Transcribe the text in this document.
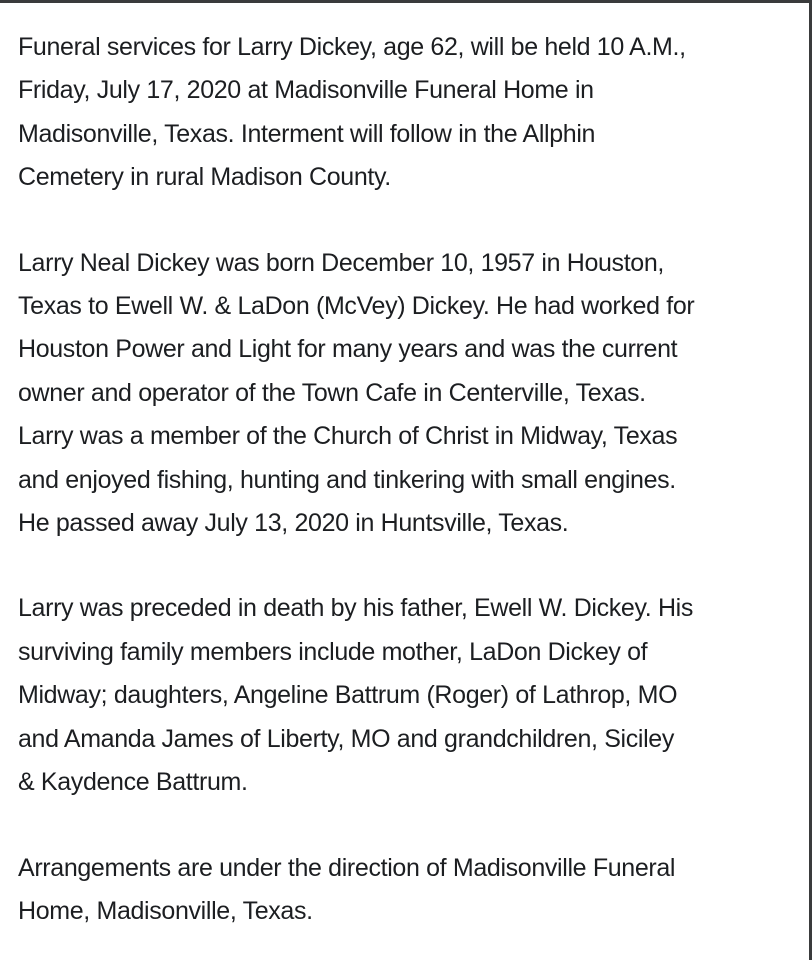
Funeral services for Larry Dickey, age 62, will be held 10 A.M.,
Friday, July 17, 2020 at Madisonville Funeral Home in
Madisonville, Texas. Interment will follow in the Allphin
Cemetery in rural Madison County.

Larry Neal Dickey was born December 10, 1957 in Houston,
Texas to Ewell W. & LaDon (McVey) Dickey. He had worked for
Houston Power and Light for many years and was the current
owner and operator of the Town Cafe in Centerville, Texas.
Larry was a member of the Church of Christ in Midway, Texas
and enjoyed fishing, hunting and tinkering with small engines.
He passed away July 13, 2020 in Huntsville, Texas.

Larry was preceded in death by his father, Ewell W. Dickey. His
surviving family members include mother, LaDon Dickey of
Midway; daughters, Angeline Battrum (Roger) of Lathrop, MO
and Amanda James of Liberty, MO and grandchildren, Siciley
& Kaydence Battrum.

Arrangements are under the direction of Madisonville Funeral
Home, Madisonville, Texas.
